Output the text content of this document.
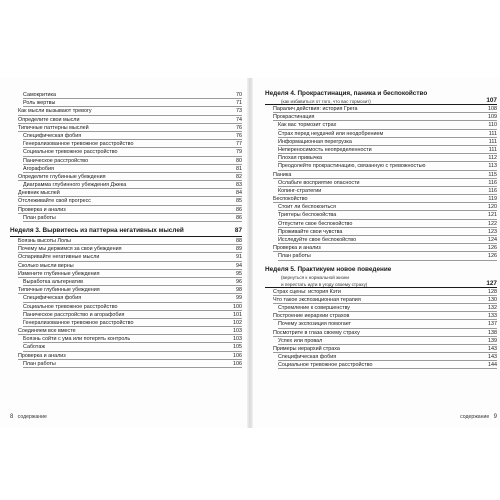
Самокритика	70
Роль жертвы	71
Как мысли вызывают тревогу	73
Определите свои мысли	74
Типичные паттерны мыслей	76
Специфическая фобия	76
Генерализованное тревожное расстройство	77
Социальное тревожное расстройство	79
Паническое расстройство	80
Агорафобия	81
Определите глубинные убеждения	82
Диаграмма глубинного убеждения Джека	83
Дневник мыслей	84
Отслеживайте свой прогресс	85
Проверка и анализ	86
План работы	86
Неделя 3. Вырвитесь из паттерна негативных мыслей	87
Боязнь высоты Лолы	88
Почему мы держимся за свои убеждения	89
Оспаривайте негативные мысли	91
Сколько мысли верны	94
Измените глубинные убеждения	95
Выработка альтернатив	96
Типичные глубинные убеждения	98
Специфическая фобия	99
Социальное тревожное расстройство	100
Паническое расстройство и агорафобия	101
Генерализованное тревожное расстройство	102
Соединяем все вместе	103
Боязнь сойти с ума или потерять контроль	103
Саботаж	105
Проверка и анализ	106
План работы	106
8 содержание
Неделя 4. Прокрастинация, паника и беспокойство
(как избавиться от того, что вас тормозит)	107
Паралич действия: история Грега	108
Прокрастинация	109
Как вас тормозит страх	110
Страх перед неудачей или неодобрением	111
Информационная перегрузка	111
Непереносимость неопределенности	111
Плохая привычка	112
Преодолейте прокрастинацию, связанную с тревожностью	113
Паника	115
Ослабьте восприятие опасности	116
Копинг-стратегии	116
Беспокойство	119
Стоит ли беспокоиться	120
Триггеры беспокойства	121
Отпустите свое беспокойство	122
Проживайте свои чувства	123
Исследуйте свое беспокойство	124
Проверка и анализ	126
План работы	126
Неделя 5. Практикуем новое поведение
(вернуться к нормальной жизни
и перестать идти в угоду своему страху)	127
Страх сцены: история Кэти	128
Что такое экспозиционная терапия	130
Стремление к совершенству	132
Построение иерархии страхов	133
Почему экспозиция помогает	137
Посмотрите в глаза своему страху	138
Успех или провал	139
Примеры иерархий страха	143
Специфическая фобия	143
Социальное тревожное расстройство	144
содержание 9
